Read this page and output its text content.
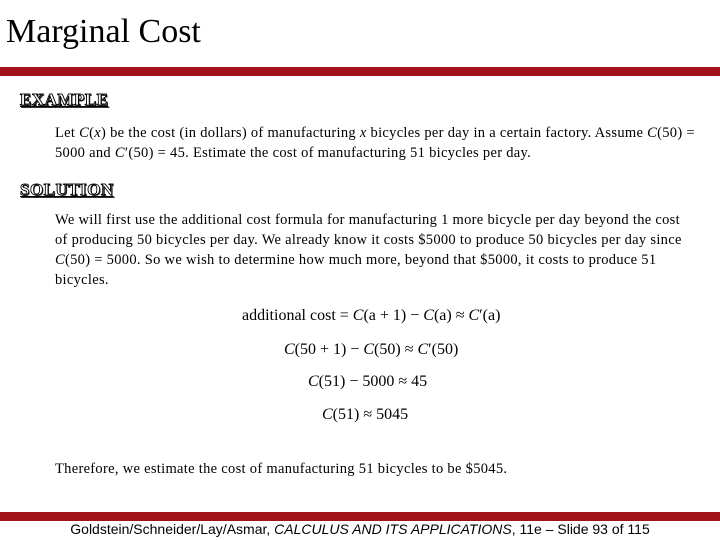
Marginal Cost
EXAMPLE
Let C(x) be the cost (in dollars) of manufacturing x bicycles per day in a certain factory. Assume C(50) = 5000 and C′(50) = 45. Estimate the cost of manufacturing 51 bicycles per day.
SOLUTION
We will first use the additional cost formula for manufacturing 1 more bicycle per day beyond the cost of producing 50 bicycles per day. We already know it costs $5000 to produce 50 bicycles per day since C(50) = 5000. So we wish to determine how much more, beyond that $5000, it costs to produce 51 bicycles.
additional cost = C(a + 1) − C(a) ≈ C′(a)
C(50 + 1) − C(50) ≈ C′(50)
C(51) − 5000 ≈ 45
C(51) ≈ 5045
Therefore, we estimate the cost of manufacturing 51 bicycles to be $5045.
Goldstein/Schneider/Lay/Asmar, CALCULUS AND ITS APPLICATIONS, 11e – Slide 93 of 115
